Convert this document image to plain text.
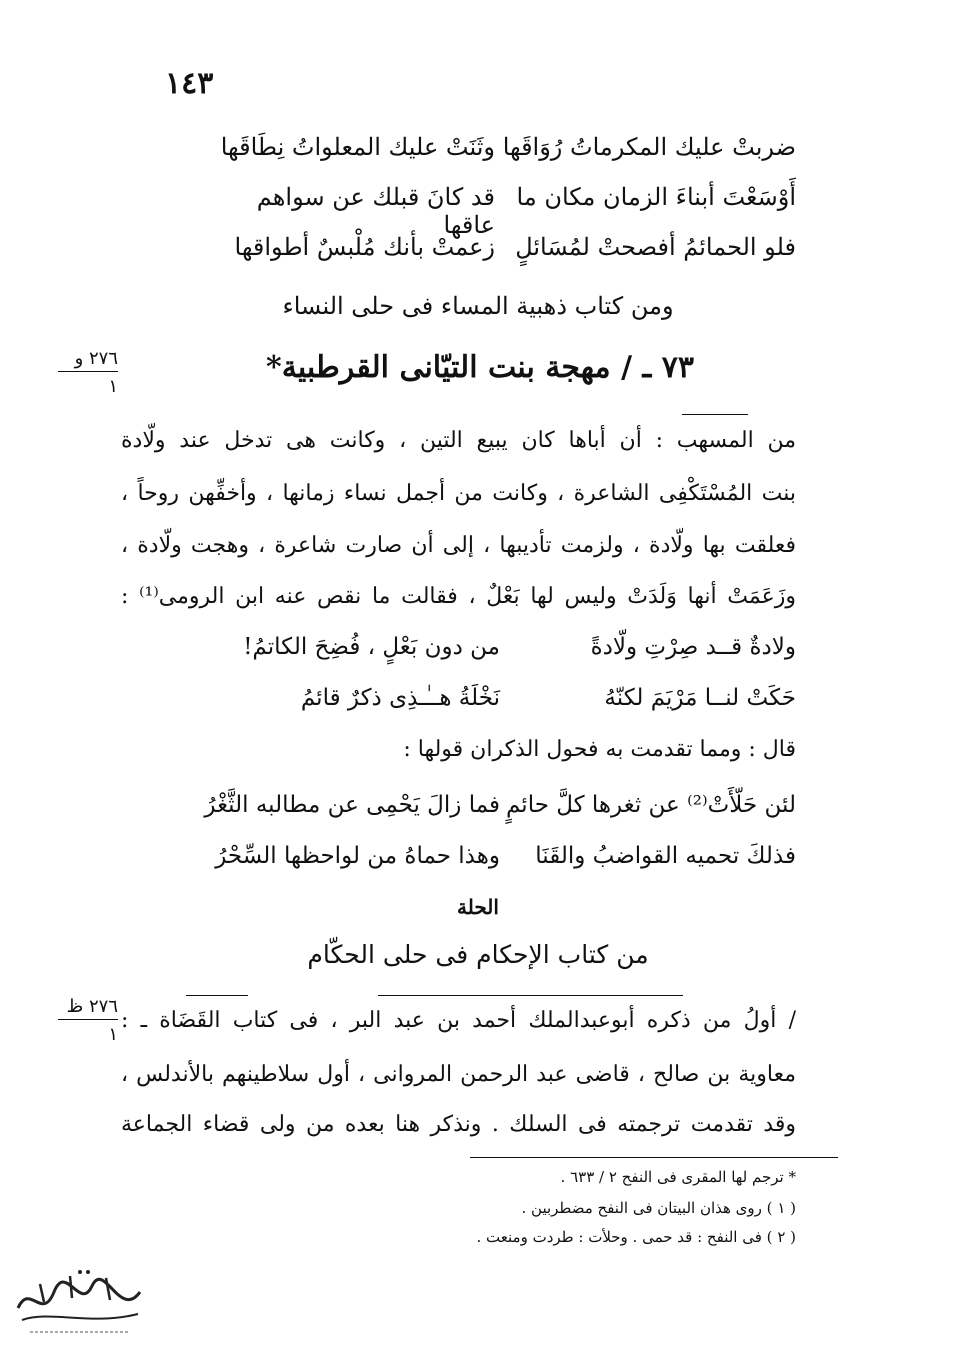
١٤٣
ضربتْ عليك المكرماتُ رُوَاقَها
وثَنَتْ عليك المعلواتُ نِطَاقَها
أَوْسَعْتَ أبناءَ الزمان مكان ما
قد كانَ قبلك عن سواهم عاقها
فلو الحمائمُ أفصحتْ لمُسَائلٍ
زعمتْ بأنك مُلْبسٌ أطواقها
ومن كتاب ذهبية المساء فى حلى النساء
٢٧٦ و
١
٧٣ ـ / مهجة بنت التيّانى القرطبية*
من المسهب : أن أباها كان يبيع التين ، وكانت هى تدخل عند ولّادة
بنت المُسْتَكْفِى الشاعرة ، وكانت من أجمل نساء زمانها ، وأخفِّهن روحاً ،
فعلقت بها ولّادة ، ولزمت تأديبها ، إلى أن صارت شاعرة ، وهجت ولّادة ،
وزَعَمَتْ أنها وَلَدَتْ وليس لها بَعْلٌ ، فقالت ما نقص عنه ابن الرومى⁽¹⁾ :
ولادةٌ قــد صِرْتِ ولّادةً
من دون بَعْلٍ ، فُضِحَ الكاتمُ!
حَكَتْ لنــا مَرْيَمَ لكنّهُ
نَخْلَةُ هــٰـذِى ذكرٌ قائمُ
قال : ومما تقدمت به فحول الذكران قولها :
لئن حَلّأَتْ⁽²⁾ عن ثغرها كلَّ حائمٍ
فما زالَ يَحْمِى عن مطالبه الثَّغْرُ
فذلكَ تحميه القواضبُ والقَنَا
وهذا حماهُ من لواحظها السِّحْرُ
الحلة
من كتاب الإحكام فى حلى الحكّام
٢٧٦ ظ
١
/ أولُ من ذكره أبوعبدالملك أحمد بن عبد البر ، فى كتاب القَضَاة ـ :
معاوية بن صالح ، قاضى عبد الرحمن المروانى ، أول سلاطينهم بالأندلس ،
وقد تقدمت ترجمته فى السلك . ونذكر هنا بعده من ولى قضاء الجماعة
* ترجم لها المقرى فى النفح ٢ / ٦٣٣ .
( ١ ) روى هذان البيتان فى النفح مضطربين .
( ٢ ) فى النفح : قد حمى . وحلأت : طردت ومنعت .
